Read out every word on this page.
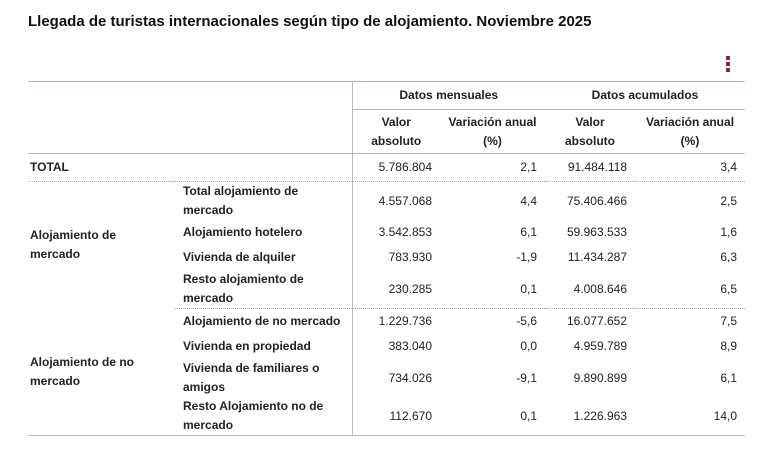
Llegada de turistas internacionales según tipo de alojamiento. Noviembre 2025
		Datos mensuales		Datos acumulados	
		Valor absoluto	Variación anual (%)	Valor absoluto	Variación anual (%)
TOTAL		5.786.804	2,1	91.484.118	3,4
Alojamiento de mercado	Total alojamiento de mercado	4.557.068	4,4	75.406.466	2,5
	Alojamiento hotelero	3.542.853	6,1	59.963.533	1,6
	Vivienda de alquiler	783.930	-1,9	11.434.287	6,3
	Resto alojamiento de mercado	230.285	0,1	4.008.646	6,5
Alojamiento de no mercado	Alojamiento de no mercado	1.229.736	-5,6	16.077.652	7,5
	Vivienda en propiedad	383.040	0,0	4.959.789	8,9
	Vivienda de familiares o amigos	734.026	-9,1	9.890.899	6,1
	Resto Alojamiento no de mercado	112.670	0,1	1.226.963	14,0
